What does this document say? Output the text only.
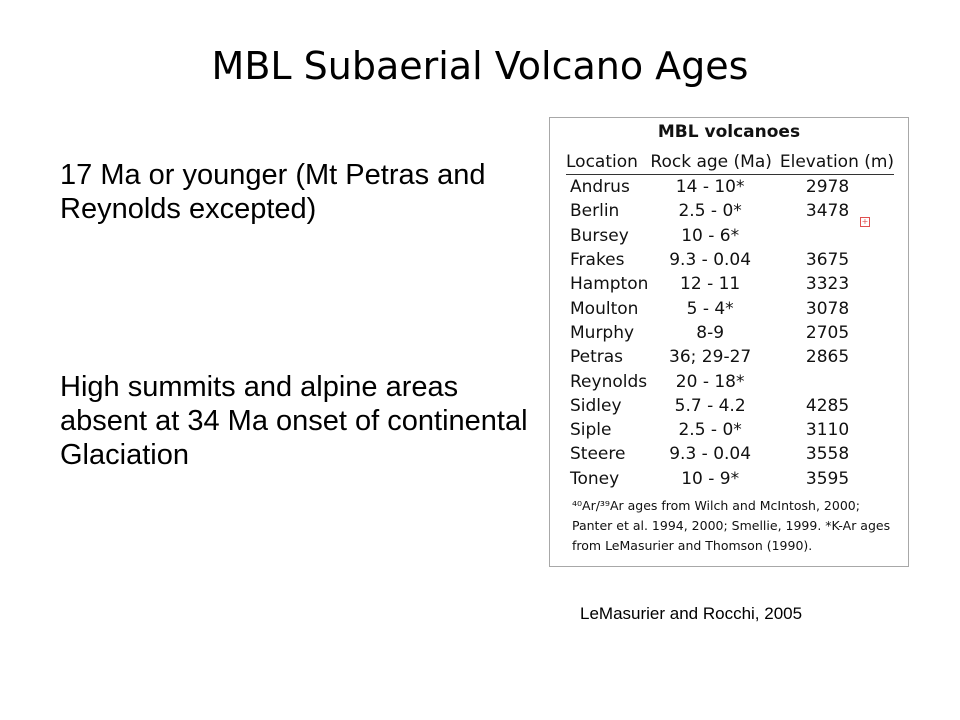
MBL Subaerial Volcano Ages
17 Ma or younger (Mt Petras and Reynolds excepted)
High summits and alpine areas absent at 34 Ma onset of continental Glaciation
MBL volcanoes
Location	Rock age (Ma)	Elevation (m)
Andrus	14 - 10*	2978
Berlin	2.5 - 0*	3478
Bursey	10 - 6*	
Frakes	9.3 - 0.04	3675
Hampton	12 - 11	3323
Moulton	5 - 4*	3078
Murphy	8-9	2705
Petras	36; 29-27	2865
Reynolds	20 - 18*	
Sidley	5.7 - 4.2	4285
Siple	2.5 - 0*	3110
Steere	9.3 - 0.04	3558
Toney	10 - 9*	3595
+
⁴⁰Ar/³⁹Ar ages from Wilch and McIntosh, 2000; Panter et al. 1994, 2000; Smellie, 1999. *K-Ar ages from LeMasurier and Thomson (1990).
LeMasurier and Rocchi, 2005
